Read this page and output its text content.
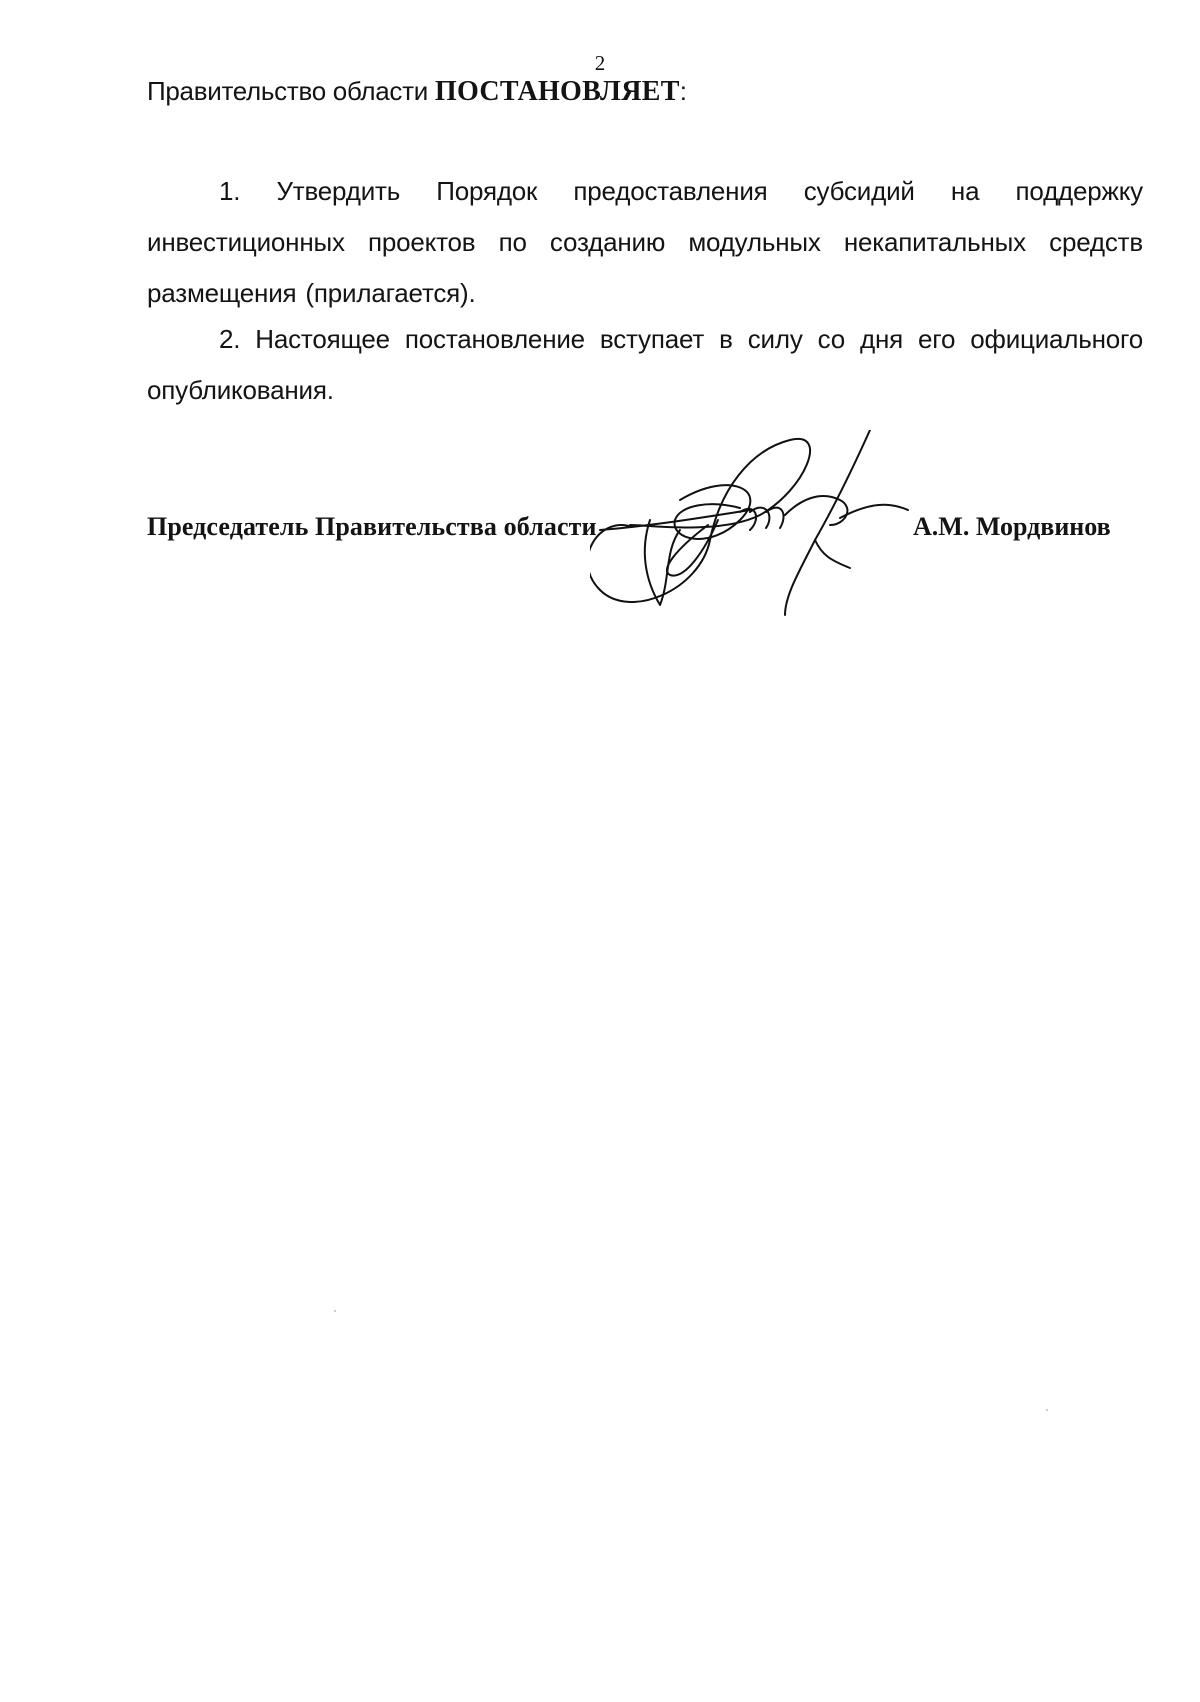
2
Правительство области ПОСТАНОВЛЯЕТ:

1. Утвердить Порядок предоставления субсидий на поддержку инвестиционных проектов по созданию модульных некапитальных средств размещения (прилагается).

2. Настоящее постановление вступает в силу со дня его официального опубликования.

Председатель Правительства области	А.М. Мордвинов
